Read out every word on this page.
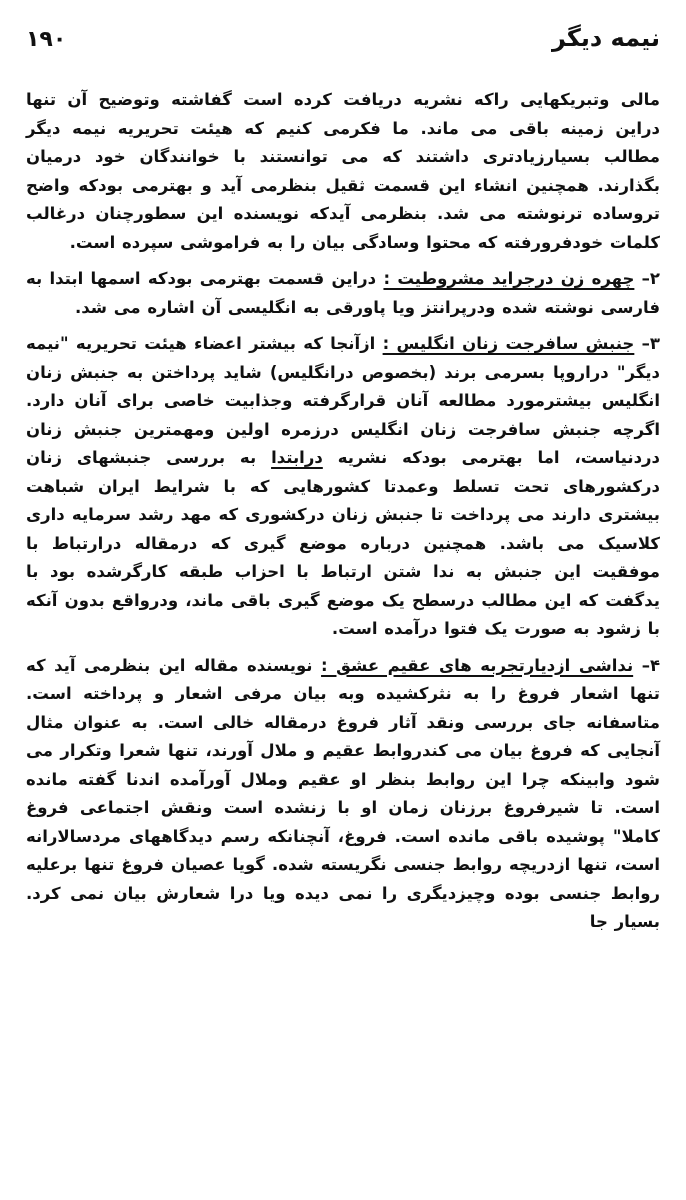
۱۹۰	نیمه دیگر

مالی وتبریکهایی راکه نشریه دریافت کرده است گفاشته وتوضیح آن تنها دراین زمینه باقی می ماند. ما فکرمی کنیم که هیئت تحریریه نیمه دیگر مطالب بسیارزیادتری داشتند که می توانستند با خوانندگان خود درمیان بگذارند. همچنین انشاء این قسمت ثقیل بنظرمی آید و بهترمی بودکه واضح تروساده ترنوشته می شد. بنظرمی آیدکه نویسنده این سطورچنان درغالب کلمات خودفرورفته که محتوا وسادگی بیان را به فراموشی سپرده است.

۲– چهره زن درجراید مشروطیت : دراین قسمت بهترمی بودکه اسمها ابتدا به فارسی نوشته شده ودرپرانتز ویا پاورقی به انگلیسی آن اشاره می شد.

۳– جنبش سافرجت زنان انگلیس : ازآنجا که بیشتر اعضاء هیئت تحریریه "نیمه دیگر" دراروپا بسرمی برند (بخصوص درانگلیس) شاید پرداختن به جنبش زنان انگلیس بیشترمورد مطالعه آنان قرارگرفته وجذابیت خاصی برای آنان دارد. اگرچه جنبش سافرجت زنان انگلیس درزمره اولین ومهمترین جنبش زنان دردنیاست، اما بهترمی بودکه نشریه درابتدا به بررسی جنبشهای زنان درکشورهای تحت تسلط وعمدتا کشورهایی که با شرایط ایران شباهت بیشتری دارند می پرداخت تا جنبش زنان درکشوری که مهد رشد سرمایه داری کلاسیک می باشد. همچنین درباره موضع گیری که درمقاله درارتباط با موفقیت این جنبش به ندا شتن ارتباط با احزاب طبقه کارگرشده بود با یدگفت که این مطالب درسطح یک موضع گیری باقی ماند، ودرواقع بدون آنکه با زشود به صورت یک فتوا درآمده است.

۴– نداشی ازدیارتجربه های عقیم عشق : نویسنده مقاله این بنظرمی آید که تنها اشعار فروغ را به نثرکشیده وبه بیان مرفی اشعار و پرداخته است. متاسفانه جای بررسی ونقد آثار فروغ درمقاله خالی است. به عنوان مثال آنجایی که فروغ بیان می کندروابط عقیم و ملال آورند، تنها شعرا وتکرار می شود وابینکه چرا این روابط بنظر او عقیم وملال آورآمده اندنا گفته مانده است. تا شیرفروغ برزنان زمان او با زنشده است ونقش اجتماعی فروغ کاملا" پوشیده باقی مانده است. فروغ، آنچنانکه رسم دیدگاههای مردسالارانه است، تنها ازدریچه روابط جنسی نگریسته شده. گویا عصیان فروغ تنها برعلیه روابط جنسی بوده وچیزدیگری را نمی دیده ویا درا شعارش بیان نمی کرد. بسیار جا
